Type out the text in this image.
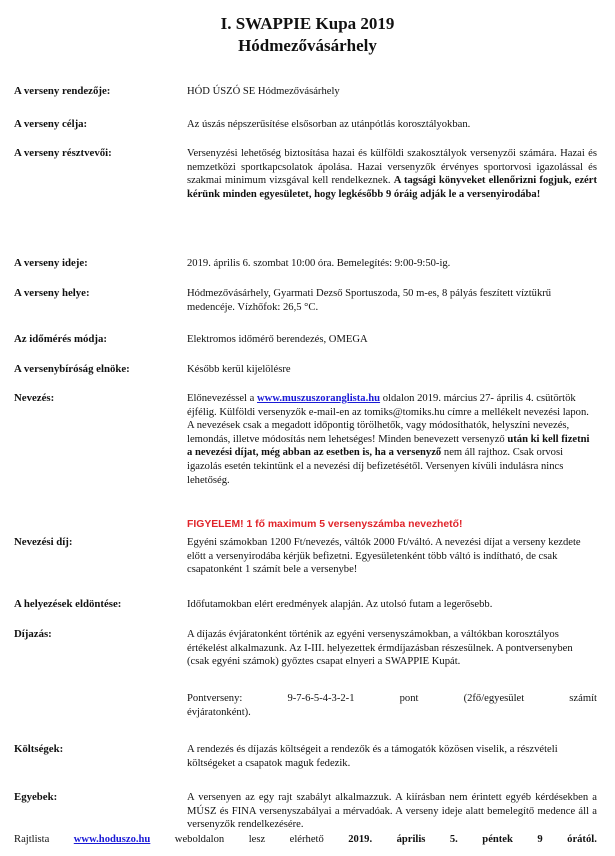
I. SWAPPIE Kupa 2019
Hódmezővásárhely
A verseny rendezője:	HÓD ÚSZÓ SE Hódmezővásárhely
A verseny célja:	Az úszás népszerűsítése elsősorban az utánpótlás korosztályokban.
A verseny résztvevői:	Versenyzési lehetőség biztosítása hazai és külföldi szakosztályok versenyzői számára. Hazai és nemzetközi sportkapcsolatok ápolása. Hazai versenyzők érvényes sportorvosi igazolással és szakmai minimum vizsgával kell rendelkeznek. A tagsági könyveket ellenőrizni fogjuk, ezért kérünk minden egyesületet, hogy legkésőbb 9 óráig adják le a versenyirodába!
A verseny ideje:	2019. április 6. szombat 10:00 óra. Bemelegítés: 9:00-9:50-ig.
A verseny helye:	Hódmezővásárhely, Gyarmati Dezső Sportuszoda, 50 m-es, 8 pályás feszített víztükrű medencéje. Vízhőfok: 26,5 °C.
Az időmérés módja:	Elektromos időmérő berendezés, OMEGA
A versenybíróság elnöke:	Később kerül kijelölésre
Nevezés:	Előnevezéssel a www.muszuszoranglista.hu oldalon 2019. március 27- április 4. csütörtök éjfélig. Külföldi versenyzők e-mail-en az tomiks@tomiks.hu címre a mellékelt nevezési lapon. A nevezések csak a megadott időpontig törölhetők, vagy módosíthatók, helyszíni nevezés, lemondás, illetve módosítás nem lehetséges! Minden benevezett versenyző után ki kell fizetni a nevezési díjat, még abban az esetben is, ha a versenyző nem áll rajthoz. Csak orvosi igazolás esetén tekintünk el a nevezési díj befizetésétől. Versenyen kívüli indulásra nincs lehetőség.
FIGYELEM! 1 fő maximum 5 versenyszámba nevezhető!
Nevezési díj:	Egyéni számokban 1200 Ft/nevezés, váltók 2000 Ft/váltó. A nevezési díjat a verseny kezdete előtt a versenyirodába kérjük befizetni. Egyesületenként több váltó is indítható, de csak csapatonként 1 számít bele a versenybe!
A helyezések eldöntése:	Időfutamokban elért eredmények alapján. Az utolsó futam a legerősebb.
Díjazás:	A díjazás évjáratonként történik az egyéni versenyszámokban, a váltókban korosztályos értékelést alkalmazunk. Az I-III. helyezettek érmdíjazásban részesülnek. A pontversenyben (csak egyéni számok) győztes csapat elnyeri a SWAPPIE Kupát.
Pontverseny:	9-7-6-5-4-3-2-1	pont	(2fő/egyesület	számít
évjáratonként).
Költségek:	A rendezés és díjazás költségeit a rendezők és a támogatók közösen viselik, a részvételi költségeket a csapatok maguk fedezik.
Egyebek:	A versenyen az egy rajt szabályt alkalmazzuk. A kiírásban nem érintett egyéb kérdésekben a MÚSZ és FINA versenyszabályai a mérvadóak. A verseny ideje alatt bemelegítő medence áll a versenyzők rendelkezésére.
Rajtlista www.hoduszo.hu weboldalon lesz elérhető 2019. április 5. péntek 9 órától.
